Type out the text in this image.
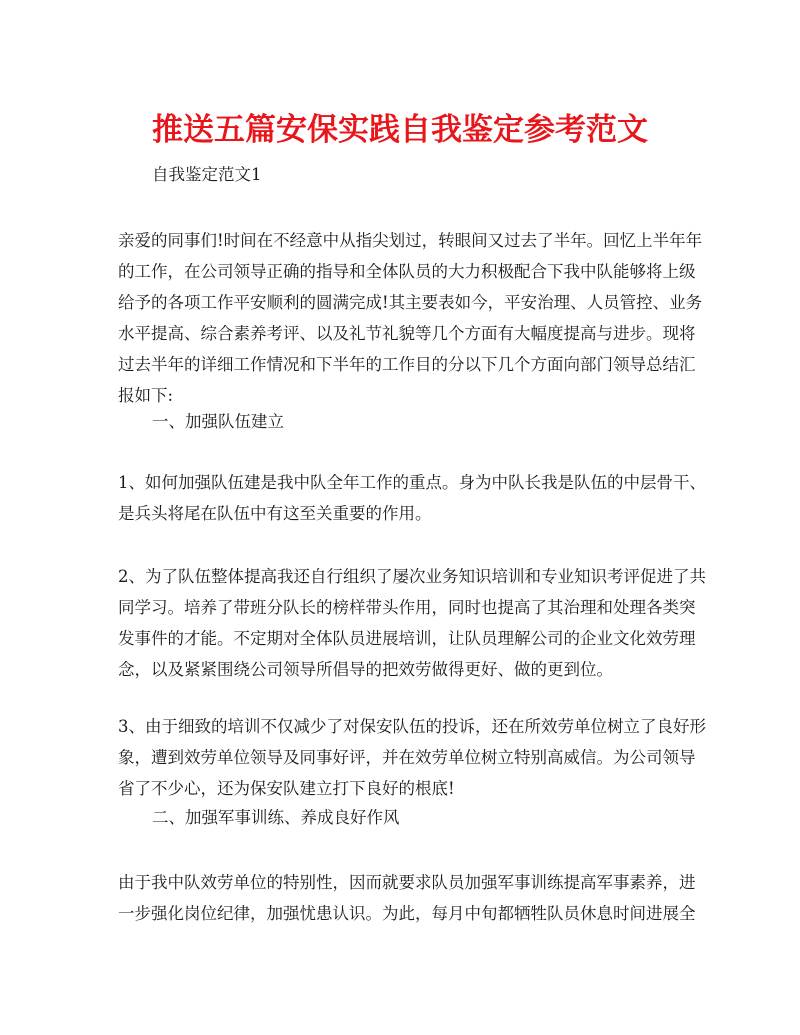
推送五篇安保实践自我鉴定参考范文

自我鉴定范文1

亲爱的同事们!时间在不经意中从指尖划过，转眼间又过去了半年。回忆上半年年

的工作，在公司领导正确的指导和全体队员的大力积极配合下我中队能够将上级

给予的各项工作平安顺利的圆满完成!其主要表如今，平安治理、人员管控、业务

水平提高、综合素养考评、以及礼节礼貌等几个方面有大幅度提高与进步。现将

过去半年的详细工作情况和下半年的工作目的分以下几个方面向部门领导总结汇

报如下:

一、加强队伍建立

1、如何加强队伍建是我中队全年工作的重点。身为中队长我是队伍的中层骨干、

是兵头将尾在队伍中有这至关重要的作用。

2、为了队伍整体提高我还自行组织了屡次业务知识培训和专业知识考评促进了共

同学习。培养了带班分队长的榜样带头作用，同时也提高了其治理和处理各类突

发事件的才能。不定期对全体队员进展培训，让队员理解公司的企业文化效劳理

念，以及紧紧围绕公司领导所倡导的把效劳做得更好、做的更到位。

3、由于细致的培训不仅减少了对保安队伍的投诉，还在所效劳单位树立了良好形

象，遭到效劳单位领导及同事好评，并在效劳单位树立特别高威信。为公司领导

省了不少心，还为保安队建立打下良好的根底!

二、加强军事训练、养成良好作风

由于我中队效劳单位的特别性，因而就要求队员加强军事训练提高军事素养，进

一步强化岗位纪律，加强忧患认识。为此，每月中旬都牺牲队员休息时间进展全
